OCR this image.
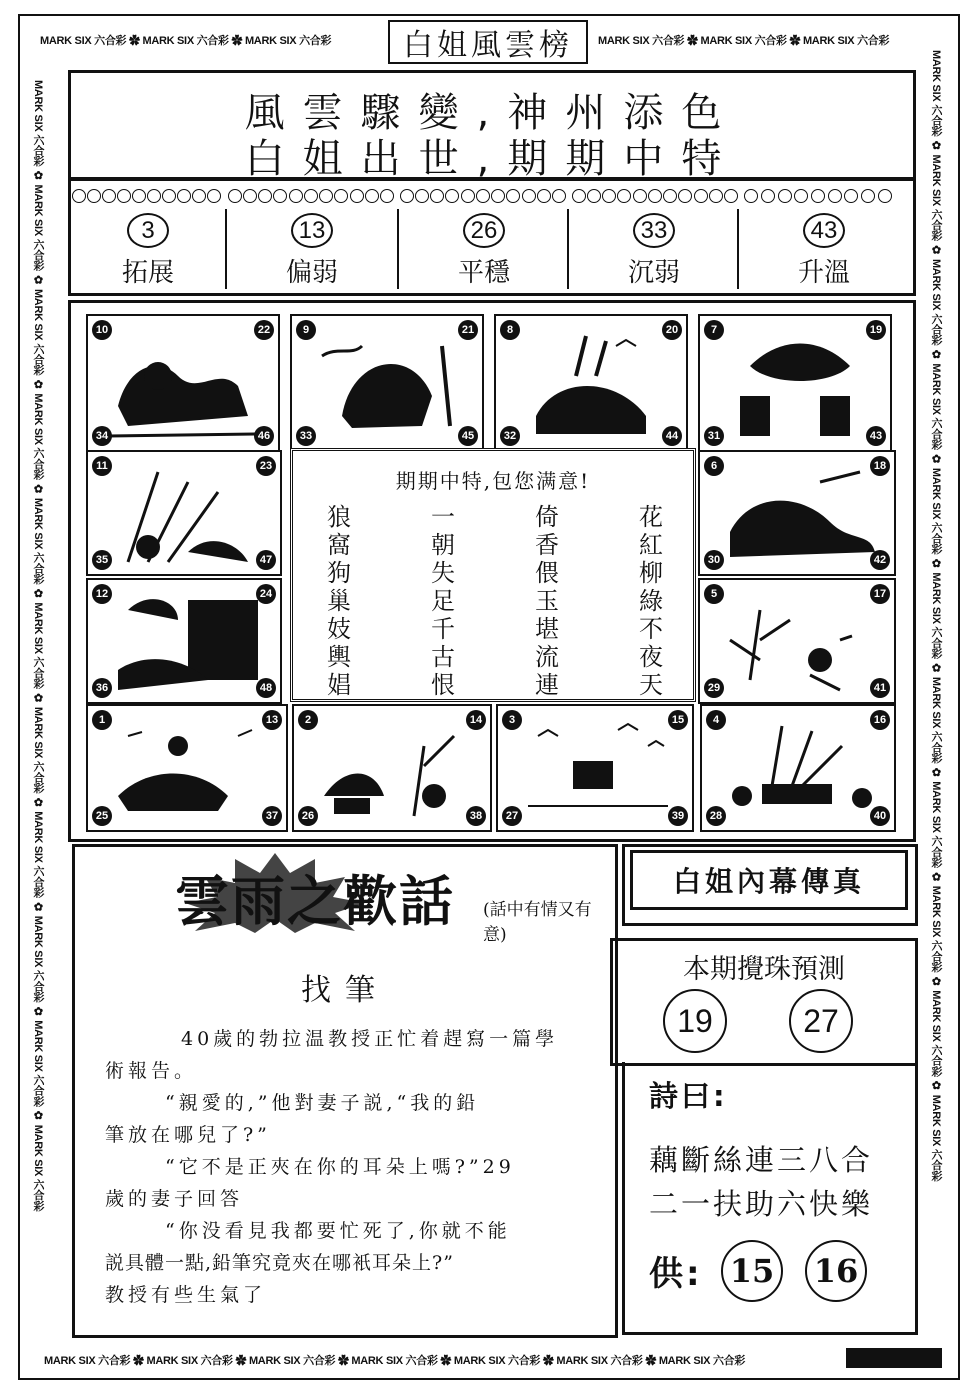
MARK SIX 六合彩 ✿ MARK SIX 六合彩 ✿ MARK SIX 六合彩	MARK SIX 六合彩 ✿ MARK SIX 六合彩 ✿ MARK SIX 六合彩
MARK SIX 六合彩 ✿ MARK SIX 六合彩 ✿ MARK SIX 六合彩 ✿ MARK SIX 六合彩 ✿ MARK SIX 六合彩 ✿ MARK SIX 六合彩 ✿ MARK SIX 六合彩
MARK SIX 六合彩 ✿ MARK SIX 六合彩 ✿ MARK SIX 六合彩 ✿ MARK SIX 六合彩 ✿ MARK SIX 六合彩 ✿ MARK SIX 六合彩 ✿ MARK SIX 六合彩 ✿ MARK SIX 六合彩 ✿ MARK SIX 六合彩 ✿ MARK SIX 六合彩 ✿ MARK SIX 六合彩
MARK SIX 六合彩 ✿ MARK SIX 六合彩 ✿ MARK SIX 六合彩 ✿ MARK SIX 六合彩 ✿ MARK SIX 六合彩 ✿ MARK SIX 六合彩 ✿ MARK SIX 六合彩 ✿ MARK SIX 六合彩 ✿ MARK SIX 六合彩 ✿ MARK SIX 六合彩 ✿ MARK SIX 六合彩
白姐風雲榜
風雲驟變,神州添色
白姐出世,期期中特
3
拓展
13
偏弱
26
平穩
33
沉弱
43
升溫
10	22
34	46
9	21
33	45
8	20
32	44
7	19
31	43
11	23
35	47
6	18
30	42
12	24
36	48
5	17
29	41
1	13
25	37
2	14
26	38
3	15
27	39
4	16
28	40
期期中特,包您满意!
狼	一	倚	花
窩	朝	香	紅
狗	失	偎	柳
巢	足	玉	綠
妓	千	堪	不
輿	古	流	夜
娼	恨	連	天
雲雨之歡話 (話中有情又有意)
找筆
40歲的勃拉温教授正忙着趕寫一篇學
術報告。
“親愛的,”他對妻子説,“我的鉛
筆放在哪兒了?”
“它不是正夾在你的耳朵上嗎?”29
歲的妻子回答
“你没看見我都要忙死了,你就不能
説具體一點,鉛筆究竟夾在哪衹耳朵上?”
教授有些生氣了
白姐內幕傳真
本期攪珠預測
19	27
詩曰:
藕斷絲連三八合
二一扶助六快樂
供: 15 16
